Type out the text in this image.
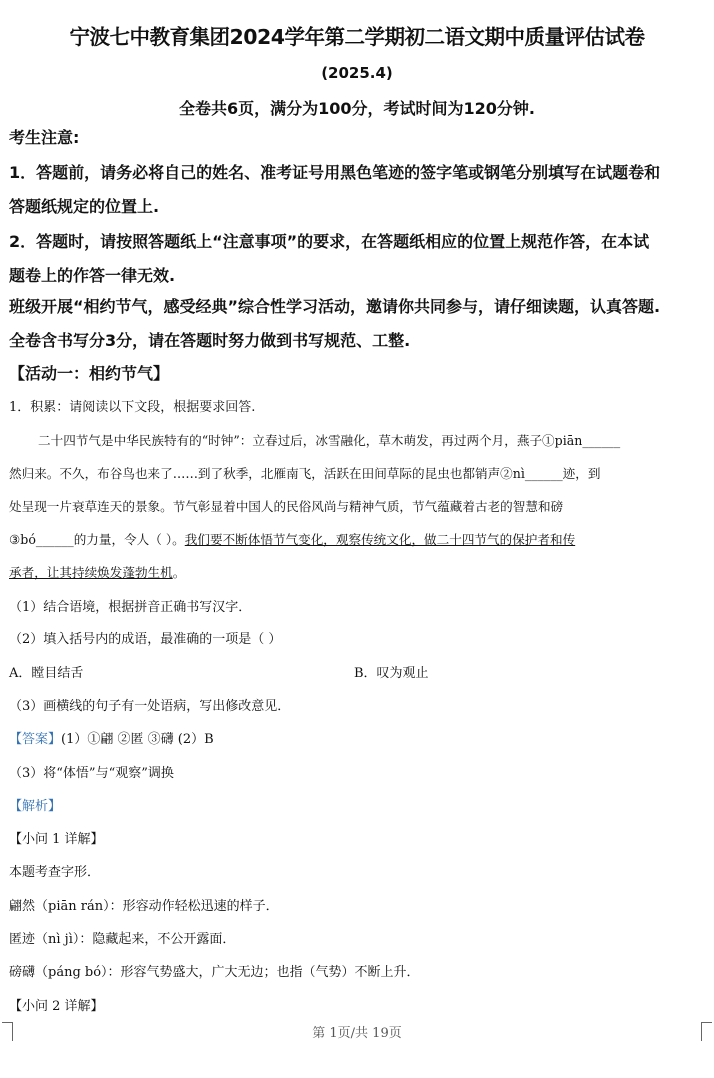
宁波七中教育集团2024学年第二学期初二语文期中质量评估试卷
(2025.4)
全卷共6页，满分为100分，考试时间为120分钟.
考生注意:
1．答题前，请务必将自己的姓名、准考证号用黑色笔迹的签字笔或钢笔分别填写在试题卷和
答题纸规定的位置上.
2．答题时，请按照答题纸上“注意事项”的要求，在答题纸相应的位置上规范作答，在本试
题卷上的作答一律无效.
班级开展“相约节气，感受经典”综合性学习活动，邀请你共同参与，请仔细读题，认真答题.
全卷含书写分3分，请在答题时努力做到书写规范、工整.
【活动一：相约节气】
1．积累：请阅读以下文段，根据要求回答.
二十四节气是中华民族特有的“时钟”：立春过后，冰雪融化，草木萌发，再过两个月，燕子①piān______
然归来。不久，布谷鸟也来了……到了秋季，北雁南飞，活跃在田间草际的昆虫也都销声②nì______迹，到
处呈现一片衰草连天的景象。节气彰显着中国人的民俗风尚与精神气质，节气蕴藏着古老的智慧和磅
③bó______的力量，令人（ ）。我们要不断体悟节气变化，观察传统文化，做二十四节气的保护者和传
承者，让其持续焕发蓬勃生机。
（1）结合语境，根据拼音正确书写汉字．
（2）填入括号内的成语，最准确的一项是（ ）
A．瞠目结舌	B．叹为观止
（3）画横线的句子有一处语病，写出修改意见．
【答案】(1）①翩 ②匿 ③礴 (2）B
（3）将“体悟”与“观察”调换
【解析】
【小问 1 详解】
本题考查字形．
翩然（piān rán）：形容动作轻松迅速的样子．
匿迹（nì jì）：隐藏起来，不公开露面．
磅礴（páng bó）：形容气势盛大，广大无边；也指（气势）不断上升．
【小问 2 详解】
第 1页/共 19页
